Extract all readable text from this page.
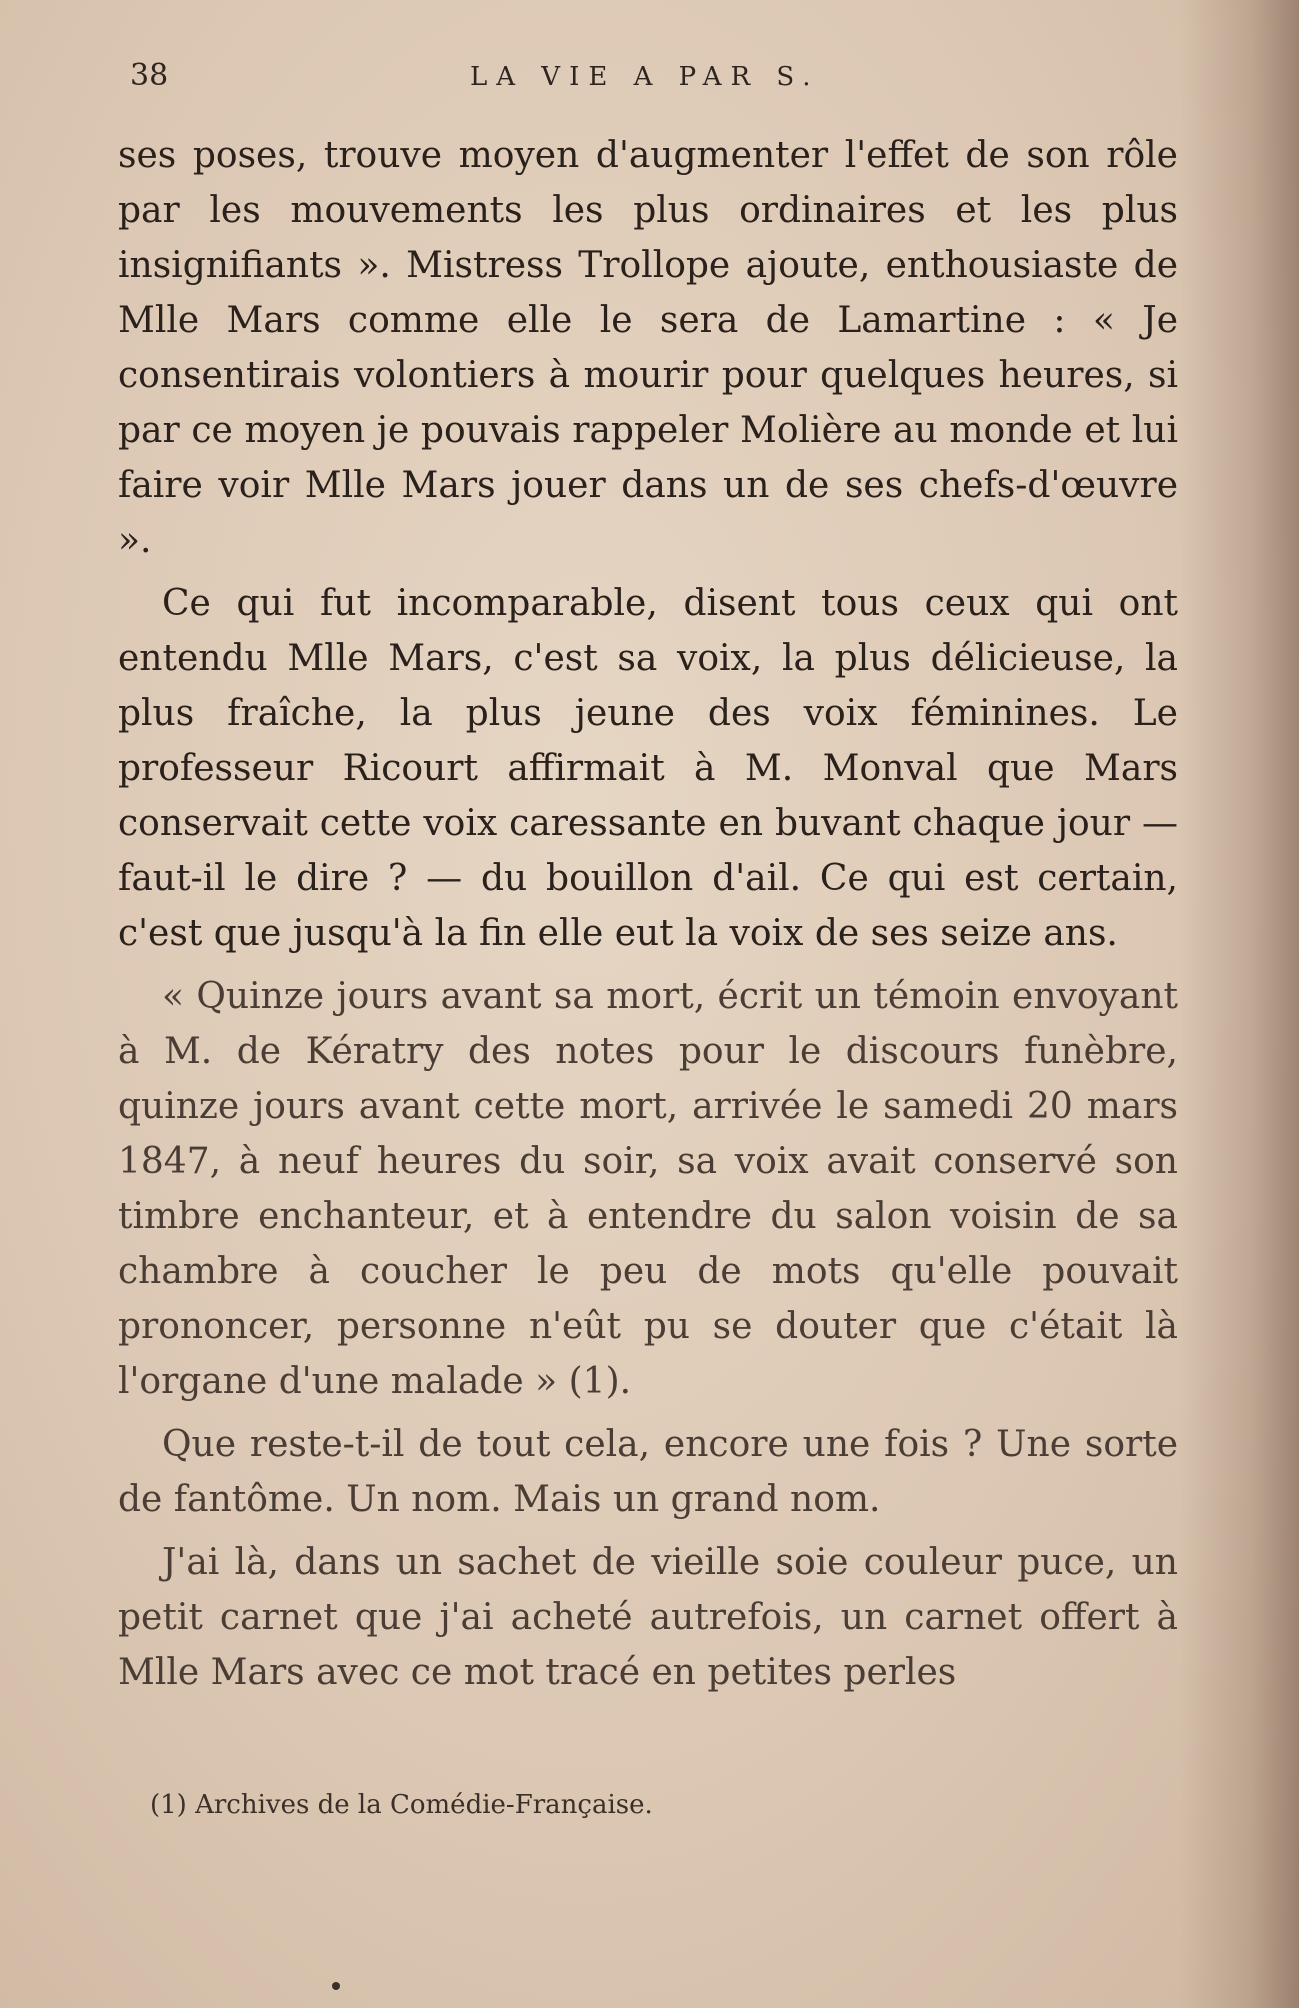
38	LA VIE A PAR S.

ses poses, trouve moyen d'augmenter l'effet de son rôle par les mouvements les plus ordinaires et les plus insignifiants ». Mistress Trollope ajoute, enthousiaste de Mlle Mars comme elle le sera de Lamartine : « Je consentirais volontiers à mourir pour quelques heures, si par ce moyen je pouvais rappeler Molière au monde et lui faire voir Mlle Mars jouer dans un de ses chefs-d'œuvre ».

Ce qui fut incomparable, disent tous ceux qui ont entendu Mlle Mars, c'est sa voix, la plus délicieuse, la plus fraîche, la plus jeune des voix féminines. Le professeur Ricourt affirmait à M. Monval que Mars conservait cette voix caressante en buvant chaque jour — faut-il le dire ? — du bouillon d'ail. Ce qui est certain, c'est que jusqu'à la fin elle eut la voix de ses seize ans.

« Quinze jours avant sa mort, écrit un témoin envoyant à M. de Kératry des notes pour le discours funèbre, quinze jours avant cette mort, arrivée le samedi 20 mars 1847, à neuf heures du soir, sa voix avait conservé son timbre enchanteur, et à entendre du salon voisin de sa chambre à coucher le peu de mots qu'elle pouvait prononcer, personne n'eût pu se douter que c'était là l'organe d'une malade » (1).

Que reste-t-il de tout cela, encore une fois ? Une sorte de fantôme. Un nom. Mais un grand nom.

J'ai là, dans un sachet de vieille soie couleur puce, un petit carnet que j'ai acheté autrefois, un carnet offert à Mlle Mars avec ce mot tracé en petites perles

(1) Archives de la Comédie-Française.
